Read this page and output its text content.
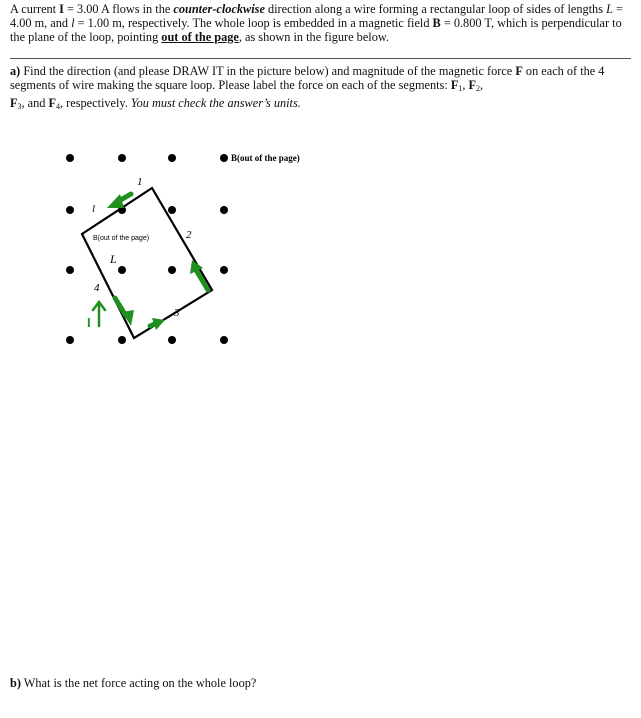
A current I = 3.00 A flows in the counter-clockwise direction along a wire forming a rectangular loop of sides of lengths L = 4.00 m, and l = 1.00 m, respectively. The whole loop is embedded in a magnetic field B = 0.800 T, which is perpendicular to the plane of the loop, pointing out of the page, as shown in the figure below.
a) Find the direction (and please DRAW IT in the picture below) and magnitude of the magnetic force F on each of the 4 segments of wire making the square loop. Please label the force on each of the segments: $F_1$, $F_2$,
$F_3$, and $F_4$, respectively. You must check the answer’s units.
1
l
2
L
4
3
I
B(out of the page)
B(out of the page)
b) What is the net force acting on the whole loop?
